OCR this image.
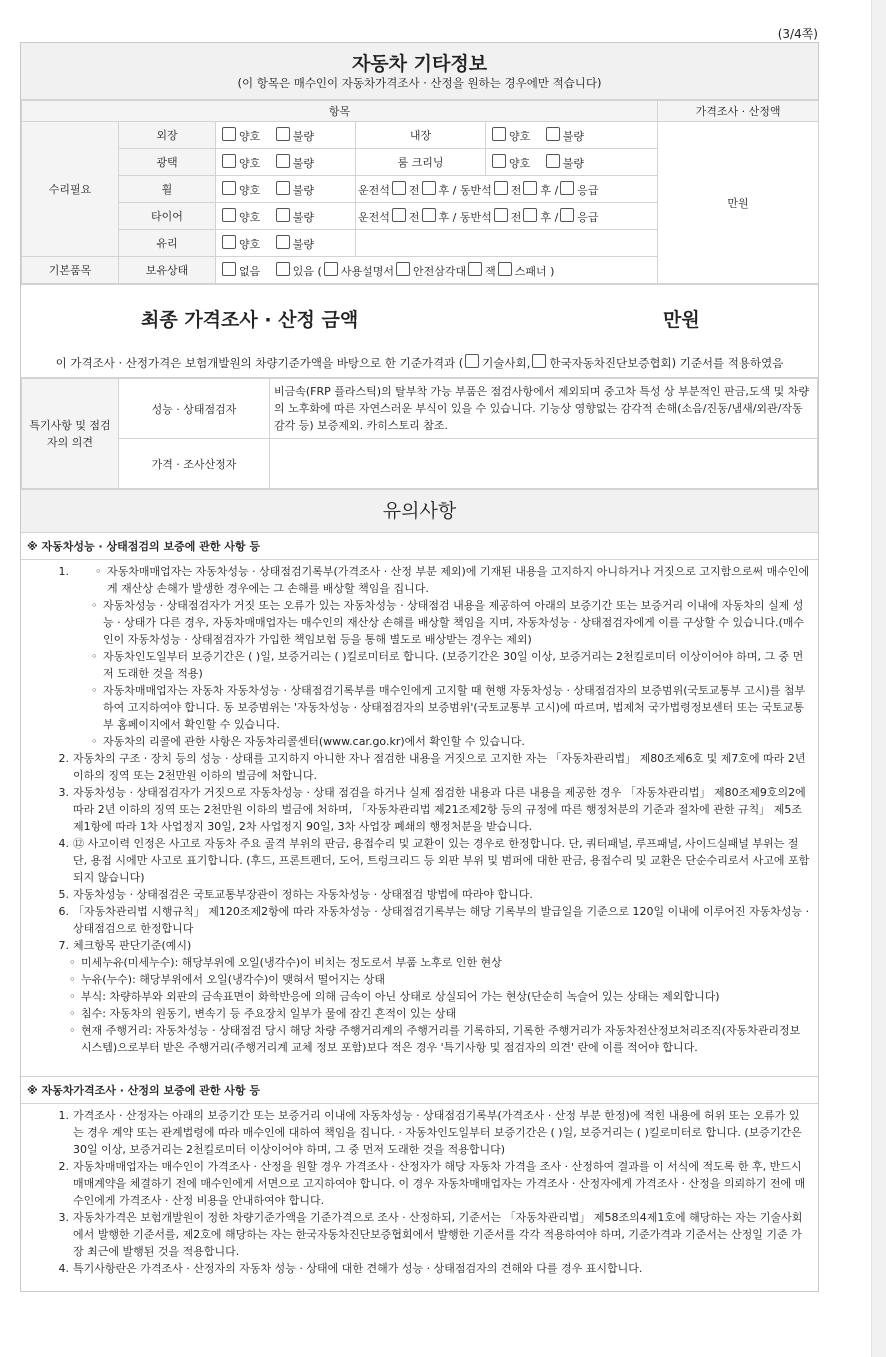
(3/4쪽)
자동차 기타정보
(이 항목은 매수인이 자동차가격조사 · 산정을 원하는 경우에만 적습니다)
항목					가격조사 · 산정액
수리필요	외장	양호 불량	내장	양호 불량	만원
	광택	양호 불량	룸 크리닝	양호 불량	
	휠	양호 불량	운전석 전 후 / 동반석 전 후 / 응급		
	타이어	양호 불량	운전석 전 후 / 동반석 전 후 / 응급		
	유리	양호 불량			
기본품목	보유상태	없음 있음 ( 사용설명서 안전삼각대 잭 스패너 )			
최종 가격조사 · 산정 금액	만원
이 가격조사 · 산정가격은 보험개발원의 차량기준가액을 바탕으로 한 기준가격과 ( 기술사회, 한국자동차진단보증협회) 기준서를 적용하였음
특기사항 및 점검자의 의견	성능 · 상태점검자	비금속(FRP 플라스틱)의 탈부착 가능 부품은 점검사항에서 제외되며 중고차 특성 상 부분적인 판금,도색 및 차량의 노후화에 따른 자연스러운 부식이 있을 수 있습니다. 기능상 영향없는 감각적 손해(소음/진동/냄새/외관/작동감각 등) 보증제외. 카히스토리 참조.
	가격 · 조사산정자	
유의사항
※ 자동차성능 · 상태점검의 보증에 관한 사항 등
1.	◦ 자동차매매업자는 자동차성능 · 상태점검기록부(가격조사 · 산정 부분 제외)에 기재된 내용을 고지하지 아니하거나 거짓으로 고지함으로써 매수인에게 재산상 손해가 발생한 경우에는 그 손해를 배상할 책임을 집니다.
◦ 자동차성능 · 상태점검자가 거짓 또는 오류가 있는 자동차성능 · 상태점검 내용을 제공하여 아래의 보증기간 또는 보증거리 이내에 자동차의 실제 성능 · 상태가 다른 경우, 자동차매매업자는 매수인의 재산상 손해를 배상할 책임을 지며, 자동차성능 · 상태점검자에게 이를 구상할 수 있습니다.(매수인이 자동차성능 · 상태점검자가 가입한 책임보험 등을 통해 별도로 배상받는 경우는 제외)
◦ 자동차인도일부터 보증기간은 ( )일, 보증거리는 ( )킬로미터로 합니다. (보증기간은 30일 이상, 보증거리는 2천킬로미터 이상이어야 하며, 그 중 먼저 도래한 것을 적용)
◦ 자동차매매업자는 자동차 자동차성능 · 상태점검기록부를 매수인에게 고지할 때 현행 자동차성능 · 상태점검자의 보증범위(국토교통부 고시)를 첨부하여 고지하여야 합니다. 동 보증범위는 '자동차성능 · 상태점검자의 보증범위'(국토교통부 고시)에 따르며, 법제처 국가법령정보센터 또는 국토교통부 홈페이지에서 확인할 수 있습니다.
◦ 자동차의 리콜에 관한 사항은 자동차리콜센터(www.car.go.kr)에서 확인할 수 있습니다.
2. 자동차의 구조 · 장치 등의 성능 · 상태를 고지하지 아니한 자나 점검한 내용을 거짓으로 고지한 자는 「자동차관리법」 제80조제6호 및 제7호에 따라 2년 이하의 징역 또는 2천만원 이하의 벌금에 처합니다.
3. 자동차성능 · 상태점검자가 거짓으로 자동차성능 · 상태 점검을 하거나 실제 점검한 내용과 다른 내용을 제공한 경우 「자동차관리법」 제80조제9호의2에 따라 2년 이하의 징역 또는 2천만원 이하의 벌금에 처하며, 「자동차관리법 제21조제2항 등의 규정에 따른 행정처분의 기준과 절차에 관한 규칙」 제5조제1항에 따라 1차 사업정지 30일, 2차 사업정지 90일, 3차 사업장 폐쇄의 행정처분을 받습니다.
4. ⑫ 사고이력 인정은 사고로 자동차 주요 골격 부위의 판금, 용접수리 및 교환이 있는 경우로 한정합니다. 단, 쿼터패널, 루프패널, 사이드실패널 부위는 절단, 용접 시에만 사고로 표기합니다. (후드, 프론트펜더, 도어, 트렁크리드 등 외판 부위 및 범퍼에 대한 판금, 용접수리 및 교환은 단순수리로서 사고에 포함되지 않습니다)
5. 자동차성능 · 상태점검은 국토교통부장관이 정하는 자동차성능 · 상태점검 방법에 따라야 합니다.
6. 「자동차관리법 시행규칙」 제120조제2항에 따라 자동차성능 · 상태점검기록부는 해당 기록부의 발급일을 기준으로 120일 이내에 이루어진 자동차성능 · 상태점검으로 한정합니다
7. 체크항목 판단기준(예시)
◦ 미세누유(미세누수): 해당부위에 오일(냉각수)이 비치는 정도로서 부품 노후로 인한 현상
◦ 누유(누수): 해당부위에서 오일(냉각수)이 맺혀서 떨어지는 상태
◦ 부식: 차량하부와 외판의 금속표면이 화학반응에 의해 금속이 아닌 상태로 상실되어 가는 현상(단순히 녹슬어 있는 상태는 제외합니다)
◦ 침수: 자동차의 원동기, 변속기 등 주요장치 일부가 물에 잠긴 흔적이 있는 상태
◦ 현재 주행거리: 자동차성능 · 상태점검 당시 해당 차량 주행거리계의 주행거리를 기록하되, 기록한 주행거리가 자동차전산정보처리조직(자동차관리정보시스템)으로부터 받은 주행거리(주행거리계 교체 정보 포함)보다 적은 경우 '특기사항 및 점검자의 의견' 란에 이를 적어야 합니다.
※ 자동차가격조사 · 산정의 보증에 관한 사항 등
1. 가격조사 · 산정자는 아래의 보증기간 또는 보증거리 이내에 자동차성능 · 상태점검기록부(가격조사 · 산정 부분 한정)에 적힌 내용에 허위 또는 오류가 있는 경우 계약 또는 관계법령에 따라 매수인에 대하여 책임을 집니다. · 자동차인도일부터 보증기간은 ( )일, 보증거리는 ( )킬로미터로 합니다. (보증기간은 30일 이상, 보증거리는 2천킬로미터 이상이어야 하며, 그 중 먼저 도래한 것을 적용합니다)
2. 자동차매매업자는 매수인이 가격조사 · 산정을 원할 경우 가격조사 · 산정자가 해당 자동차 가격을 조사 · 산정하여 결과를 이 서식에 적도록 한 후, 반드시 매매계약을 체결하기 전에 매수인에게 서면으로 고지하여야 합니다. 이 경우 자동차매매업자는 가격조사 · 산정자에게 가격조사 · 산정을 의뢰하기 전에 매수인에게 가격조사 · 산정 비용을 안내하여야 합니다.
3. 자동차가격은 보험개발원이 정한 차량기준가액을 기준가격으로 조사 · 산정하되, 기준서는 「자동차관리법」 제58조의4제1호에 해당하는 자는 기술사회에서 발행한 기준서를, 제2호에 해당하는 자는 한국자동차진단보증협회에서 발행한 기준서를 각각 적용하여야 하며, 기준가격과 기준서는 산정일 기준 가장 최근에 발행된 것을 적용합니다.
4. 특기사항란은 가격조사 · 산정자의 자동차 성능 · 상태에 대한 견해가 성능 · 상태점검자의 견해와 다를 경우 표시합니다.
